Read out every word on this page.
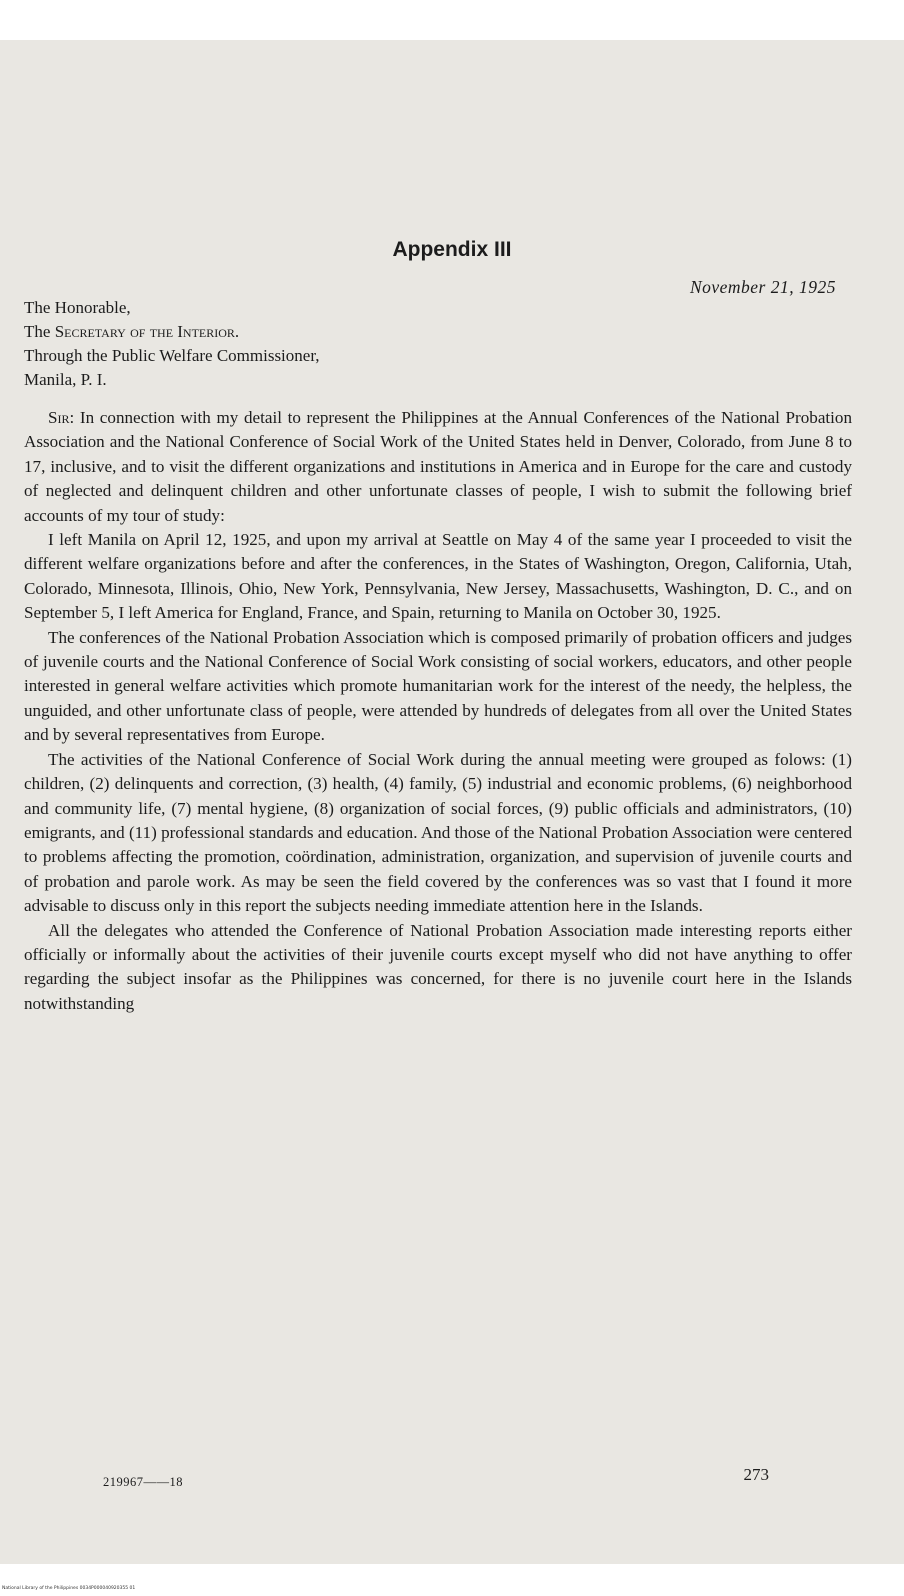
Appendix III
November 21, 1925
The Honorable,
The Secretary of the Interior.
Through the Public Welfare Commissioner,
Manila, P. I.

Sir: In connection with my detail to represent the Philippines at the Annual Conferences of the National Probation Association and the National Conference of Social Work of the United States held in Denver, Colorado, from June 8 to 17, inclusive, and to visit the different organizations and institutions in America and in Europe for the care and custody of neglected and delinquent children and other unfortunate classes of people, I wish to submit the following brief accounts of my tour of study:

I left Manila on April 12, 1925, and upon my arrival at Seattle on May 4 of the same year I proceeded to visit the different welfare organizations before and after the conferences, in the States of Washington, Oregon, California, Utah, Colorado, Minnesota, Illinois, Ohio, New York, Pennsylvania, New Jersey, Massachusetts, Washington, D. C., and on September 5, I left America for England, France, and Spain, returning to Manila on October 30, 1925.

The conferences of the National Probation Association which is composed primarily of probation officers and judges of juvenile courts and the National Conference of Social Work consisting of social workers, educators, and other people interested in general welfare activities which promote humanitarian work for the interest of the needy, the helpless, the unguided, and other unfortunate class of people, were attended by hundreds of delegates from all over the United States and by several representatives from Europe.

The activities of the National Conference of Social Work during the annual meeting were grouped as folows: (1) children, (2) delinquents and correction, (3) health, (4) family, (5) industrial and economic problems, (6) neighborhood and community life, (7) mental hygiene, (8) organization of social forces, (9) public officials and administrators, (10) emigrants, and (11) professional standards and education. And those of the National Probation Association were centered to problems affecting the promotion, coördination, administration, organization, and supervision of juvenile courts and of probation and parole work. As may be seen the field covered by the conferences was so vast that I found it more advisable to discuss only in this report the subjects needing immediate attention here in the Islands.

All the delegates who attended the Conference of National Probation Association made interesting reports either officially or informally about the activities of their juvenile courts except myself who did not have anything to offer regarding the subject insofar as the Philippines was concerned, for there is no juvenile court here in the Islands notwithstanding

219967——18	273
National Library of the Philippines 0034P000040920355 01
